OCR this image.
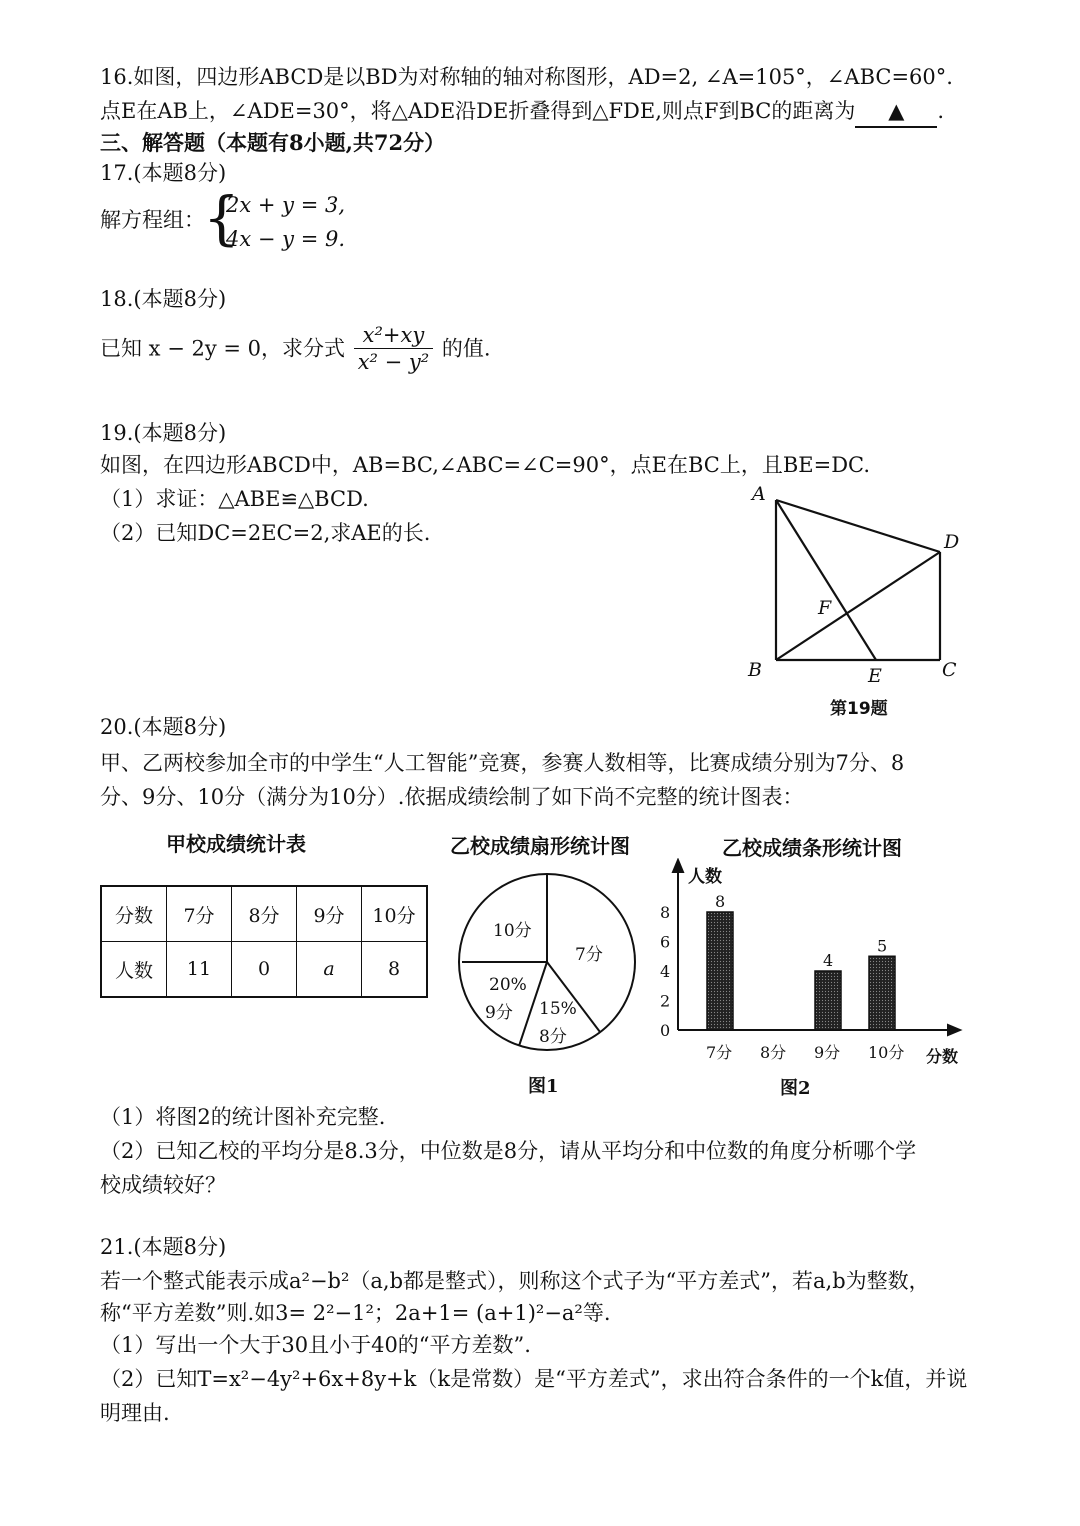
16.如图，四边形ABCD是以BD为对称轴的轴对称图形，AD=2, ∠A=105°，∠ABC=60°.
点E在AB上，∠ADE=30°，将△ADE沿DE折叠得到△FDE,则点F到BC的距离为 ▲ .
三、解答题（本题有8小题,共72分）
17.(本题8分)
解方程组：
{
2x + y = 3,
4x − y = 9.
18.(本题8分)
已知 x − 2y = 0，求分式 $\frac{\text{x²+xy}}{\text{x² − y²}}$ 的值.
19.(本题8分)
如图，在四边形ABCD中，AB=BC,∠ABC=∠C=90°，点E在BC上，且BE=DC.
（1）求证：△ABE≌△BCD.
（2）已知DC=2EC=2,求AE的长.
A
D
F
B	E	C
第19题
20.(本题8分)
甲、乙两校参加全市的中学生“人工智能”竞赛，参赛人数相等，比赛成绩分别为7分、8
分、9分、10分（满分为10分）.依据成绩绘制了如下尚不完整的统计图表：
甲校成绩统计表
分数	7分	8分	9分	10分
人数	11	0	a	8
乙校成绩扇形统计图
10分
7分
20%
9分 15%
8分
图1
乙校成绩条形统计图
人数
分数
0
2
4
6
8
7分
8
8分 9分
4
10分
5
图2
（1）将图2的统计图补充完整.
（2）已知乙校的平均分是8.3分，中位数是8分，请从平均分和中位数的角度分析哪个学
校成绩较好？
21.(本题8分)
若一个整式能表示成a²−b²（a,b都是整式），则称这个式子为“平方差式”，若a,b为整数，
称“平方差数”则.如3= 2²−1²；2a+1= (a+1)²−a²等.
（1）写出一个大于30且小于40的“平方差数”.
（2）已知T=x²−4y²+6x+8y+k（k是常数）是“平方差式”，求出符合条件的一个k值，并说
明理由.
